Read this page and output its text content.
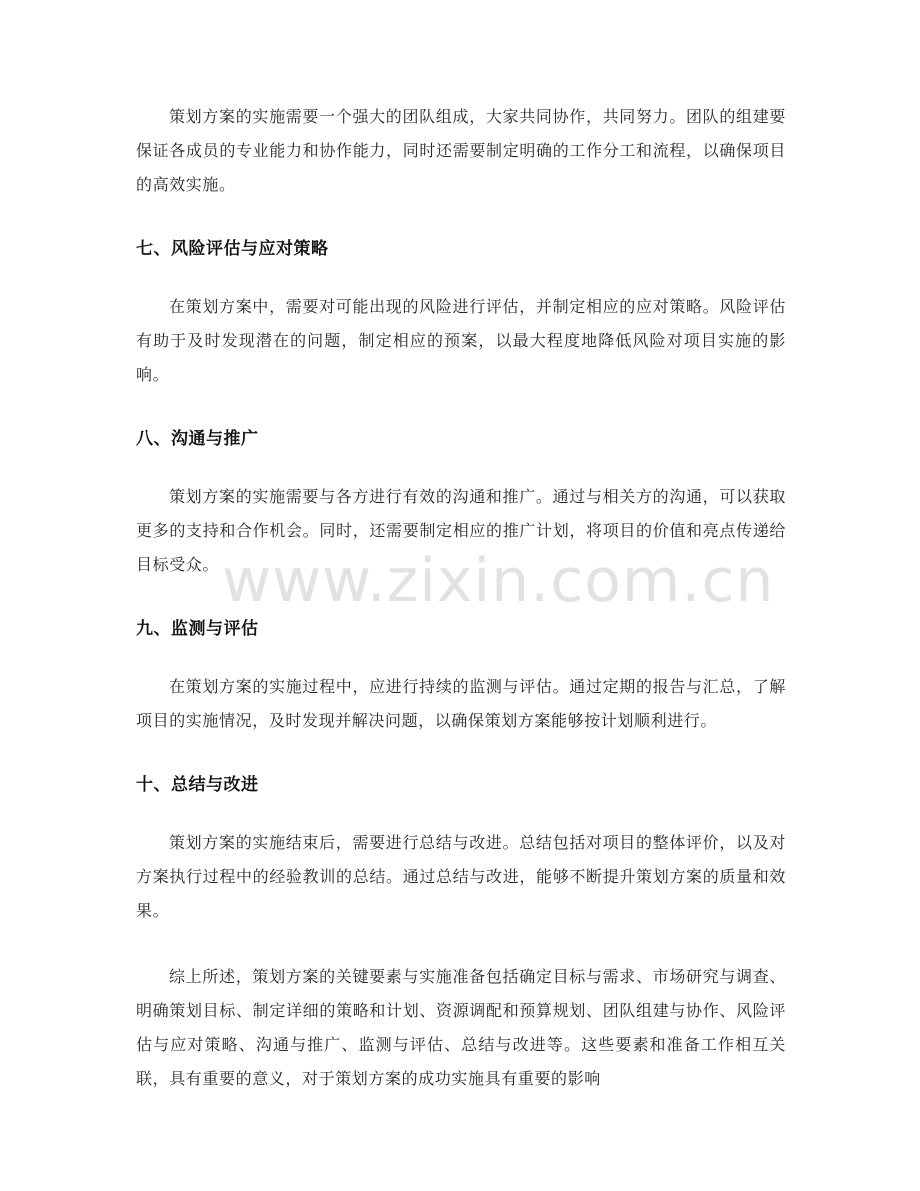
策划方案的实施需要一个强大的团队组成，大家共同协作，共同努力。团队的组建要保证各成员的专业能力和协作能力，同时还需要制定明确的工作分工和流程，以确保项目的高效实施。

七、风险评估与应对策略

在策划方案中，需要对可能出现的风险进行评估，并制定相应的应对策略。风险评估有助于及时发现潜在的问题，制定相应的预案，以最大程度地降低风险对项目实施的影响。

八、沟通与推广

策划方案的实施需要与各方进行有效的沟通和推广。通过与相关方的沟通，可以获取更多的支持和合作机会。同时，还需要制定相应的推广计划，将项目的价值和亮点传递给目标受众。

九、监测与评估

在策划方案的实施过程中，应进行持续的监测与评估。通过定期的报告与汇总，了解项目的实施情况，及时发现并解决问题，以确保策划方案能够按计划顺利进行。

十、总结与改进

策划方案的实施结束后，需要进行总结与改进。总结包括对项目的整体评价，以及对方案执行过程中的经验教训的总结。通过总结与改进，能够不断提升策划方案的质量和效果。

综上所述，策划方案的关键要素与实施准备包括确定目标与需求、市场研究与调查、明确策划目标、制定详细的策略和计划、资源调配和预算规划、团队组建与协作、风险评估与应对策略、沟通与推广、监测与评估、总结与改进等。这些要素和准备工作相互关联，具有重要的意义，对于策划方案的成功实施具有重要的影响

www.zixin.com.cn
